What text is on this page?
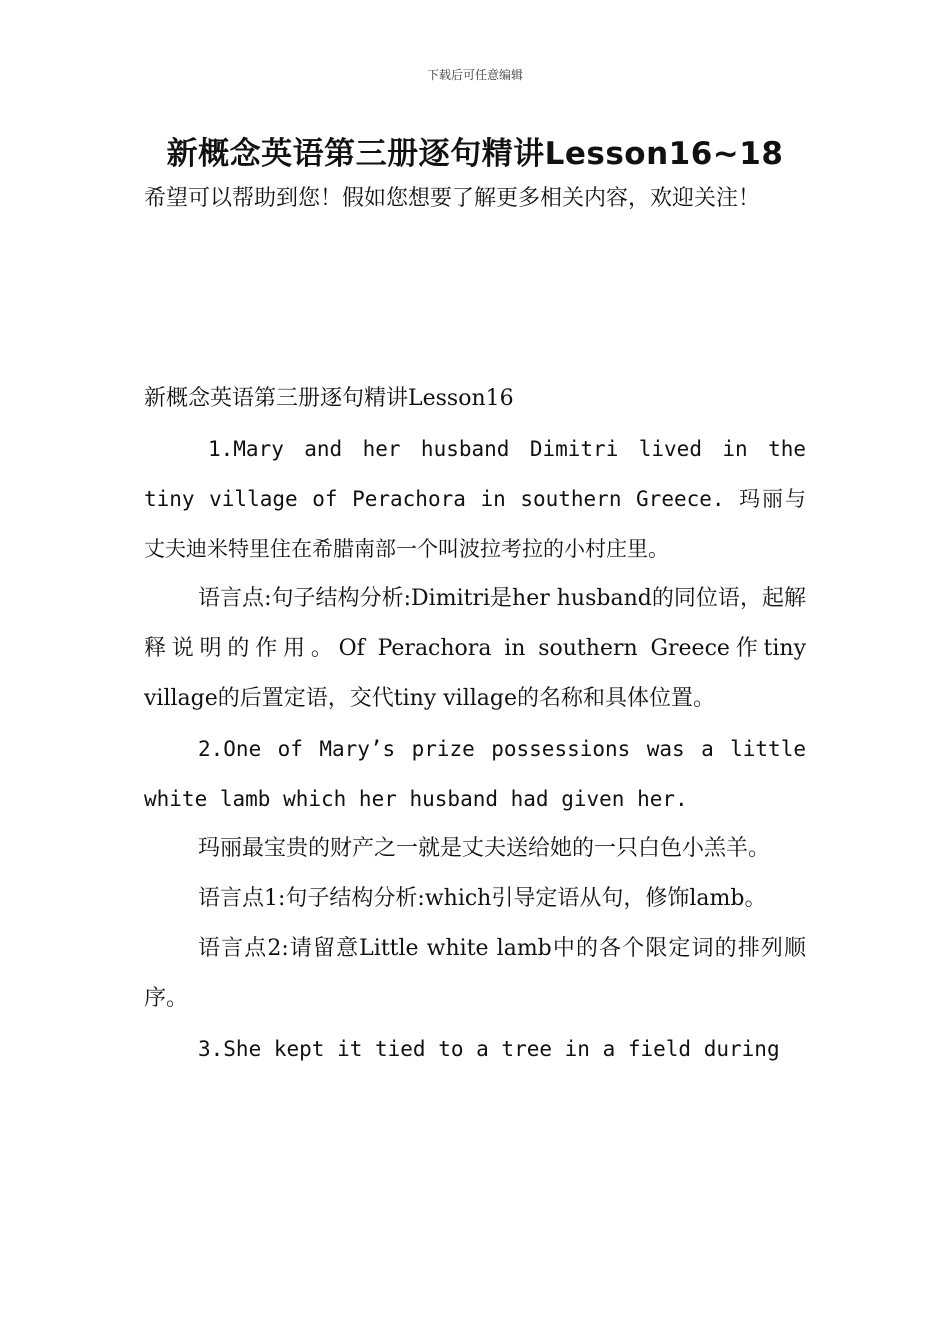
下载后可任意编辑
新概念英语第三册逐句精讲Lesson16~18
希望可以帮助到您！假如您想要了解更多相关内容，欢迎关注！

新概念英语第三册逐句精讲Lesson16

1.Mary and her husband Dimitri lived in the tiny village of Perachora in southern Greece. 玛丽与丈夫迪米特里住在希腊南部一个叫波拉考拉的小村庄里。

语言点:句子结构分析:Dimitri是her husband的同位语，起解释说明的作用。Of Perachora in southern Greece作tiny village的后置定语，交代tiny village的名称和具体位置。

2.One of Mary’s prize possessions was a little white lamb which her husband had given her.

玛丽最宝贵的财产之一就是丈夫送给她的一只白色小羔羊。

语言点1:句子结构分析:which引导定语从句，修饰lamb。

语言点2:请留意Little white lamb中的各个限定词的排列顺序。

3.She kept it tied to a tree in a field during
